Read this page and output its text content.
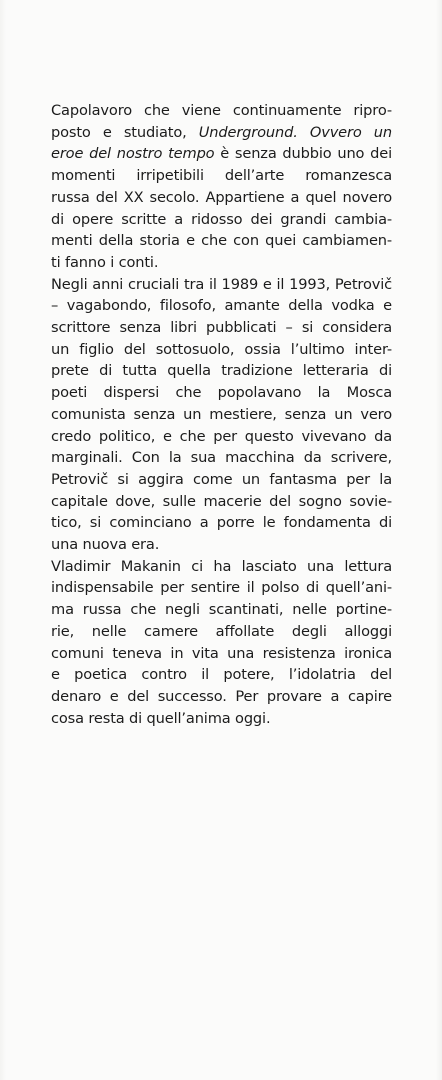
Capolavoro che viene continuamente ripro-
posto e studiato, Underground. Ovvero un
eroe del nostro tempo è senza dubbio uno dei
momenti irripetibili dell’arte romanzesca
russa del XX secolo. Appartiene a quel novero
di opere scritte a ridosso dei grandi cambia-
menti della storia e che con quei cambiamen-
ti fanno i conti.

Negli anni cruciali tra il 1989 e il 1993, Petrovič
– vagabondo, filosofo, amante della vodka e
scrittore senza libri pubblicati – si considera
un figlio del sottosuolo, ossia l’ultimo inter-
prete di tutta quella tradizione letteraria di
poeti dispersi che popolavano la Mosca
comunista senza un mestiere, senza un vero
credo politico, e che per questo vivevano da
marginali. Con la sua macchina da scrivere,
Petrovič si aggira come un fantasma per la
capitale dove, sulle macerie del sogno sovie-
tico, si cominciano a porre le fondamenta di
una nuova era.

Vladimir Makanin ci ha lasciato una lettura
indispensabile per sentire il polso di quell’ani-
ma russa che negli scantinati, nelle portine-
rie, nelle camere affollate degli alloggi
comuni teneva in vita una resistenza ironica
e poetica contro il potere, l’idolatria del
denaro e del successo. Per provare a capire
cosa resta di quell’anima oggi.
